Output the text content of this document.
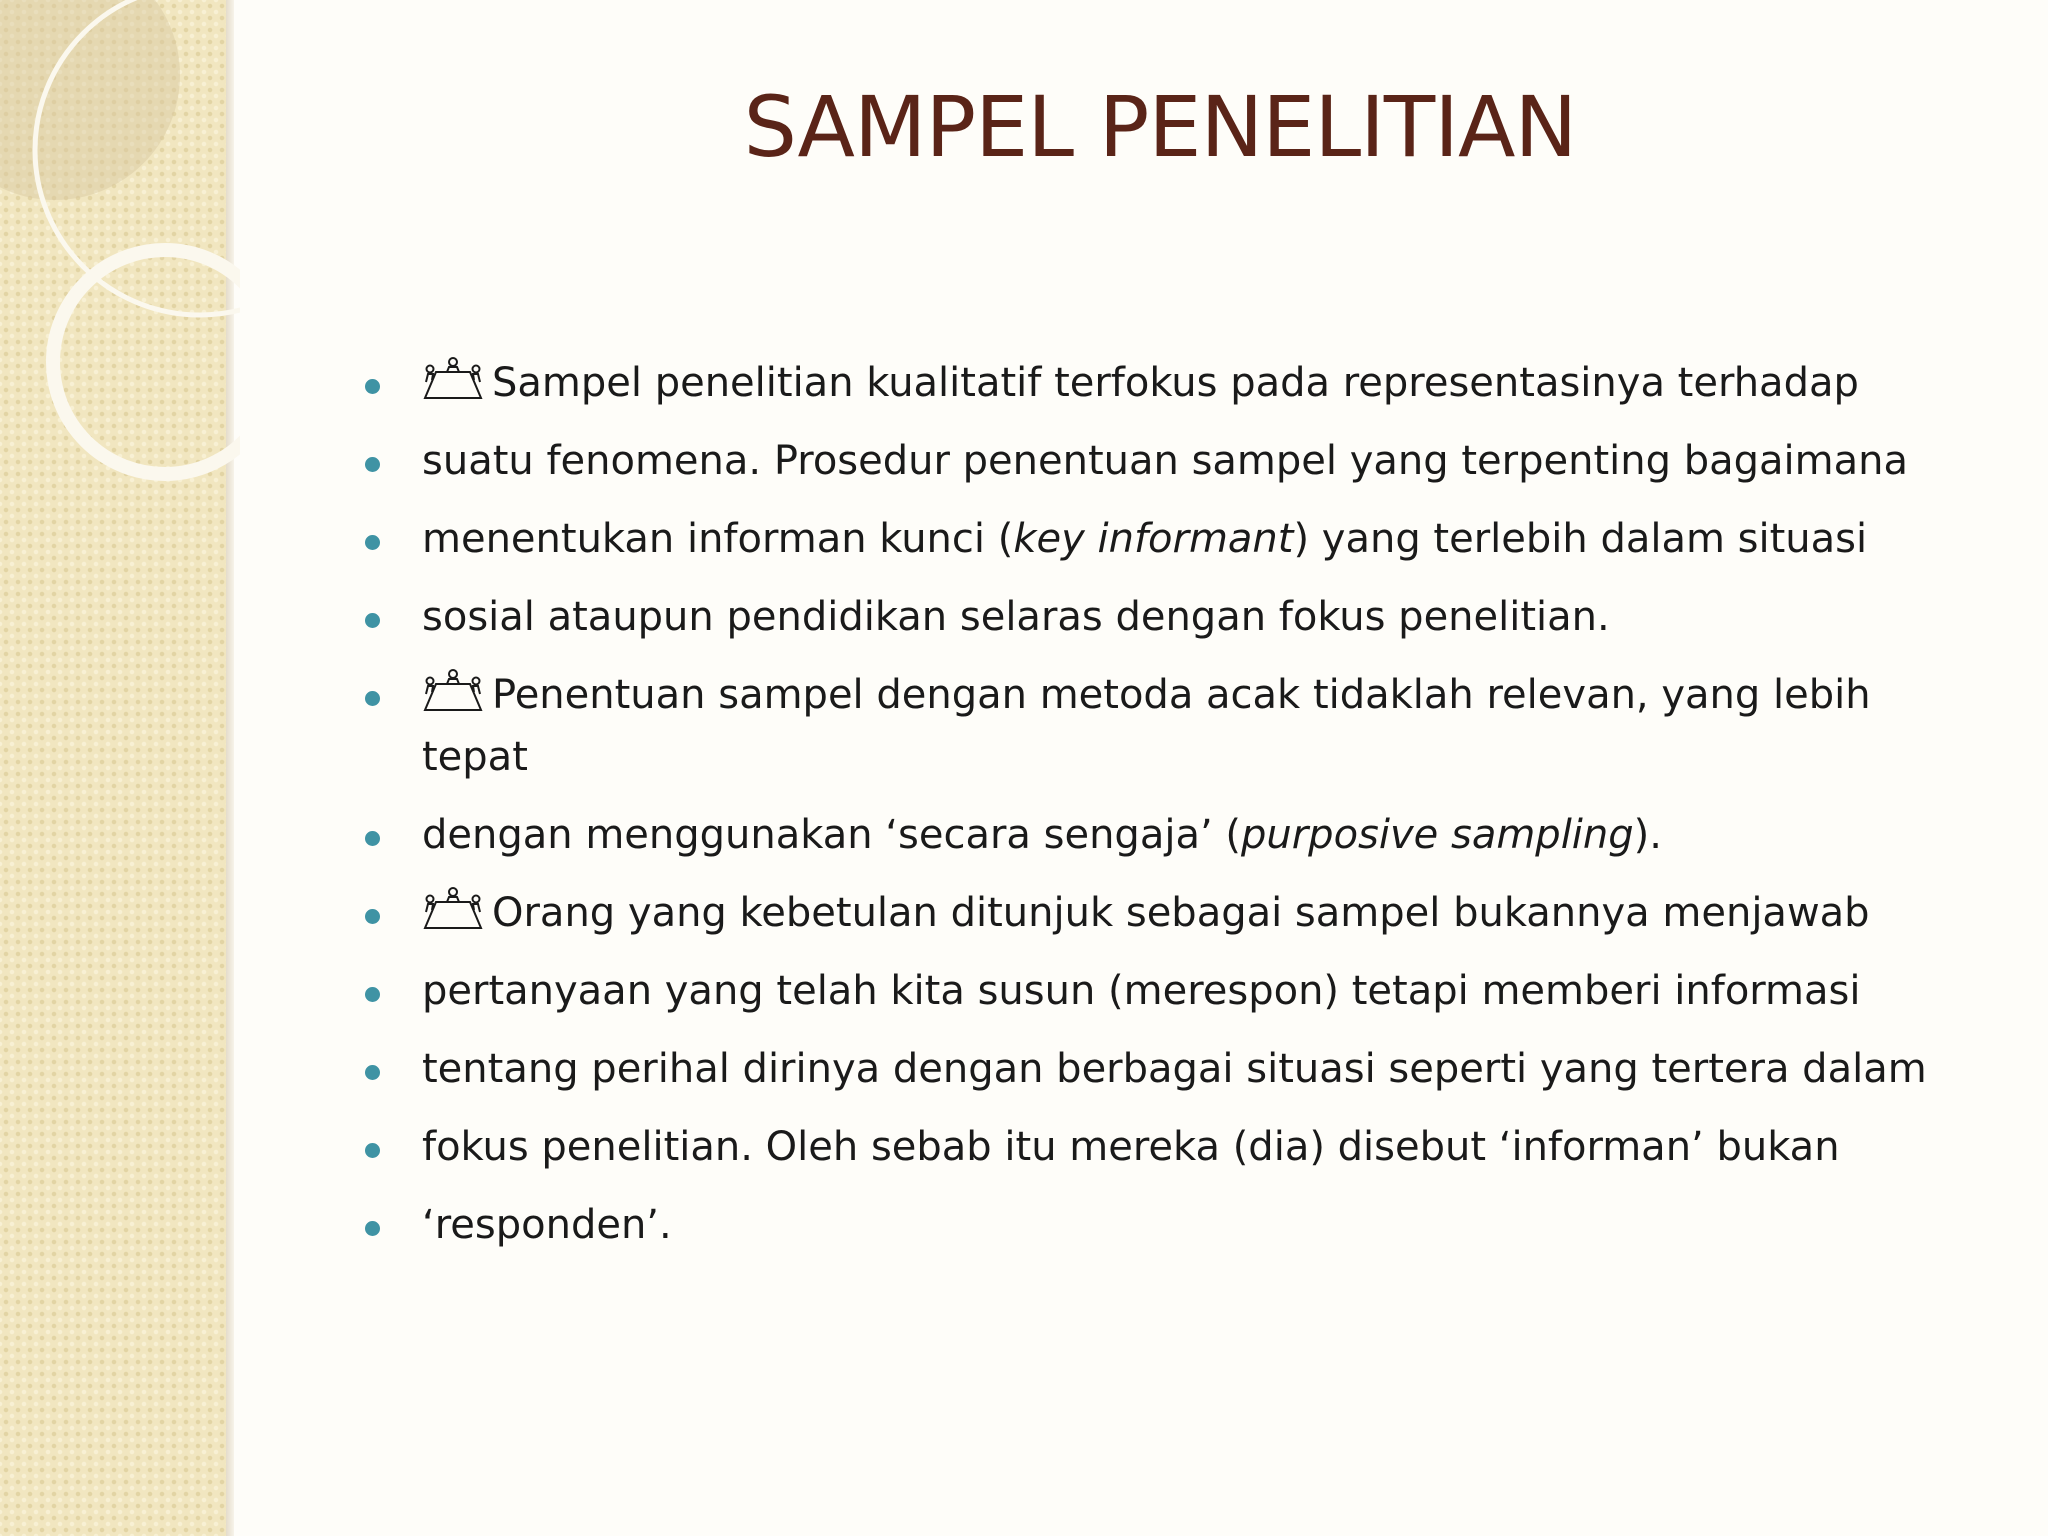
SAMPEL PENELITIAN
Sampel penelitian kualitatif terfokus pada representasinya terhadap
suatu fenomena. Prosedur penentuan sampel yang terpenting bagaimana
menentukan informan kunci (key informant) yang terlebih dalam situasi
sosial ataupun pendidikan selaras dengan fokus penelitian.
Penentuan sampel dengan metoda acak tidaklah relevan, yang lebih tepat
dengan menggunakan ‘secara sengaja’ (purposive sampling).
Orang yang kebetulan ditunjuk sebagai sampel bukannya menjawab
pertanyaan yang telah kita susun (merespon) tetapi memberi informasi
tentang perihal dirinya dengan berbagai situasi seperti yang tertera dalam
fokus penelitian. Oleh sebab itu mereka (dia) disebut ‘informan’ bukan
‘responden’.
